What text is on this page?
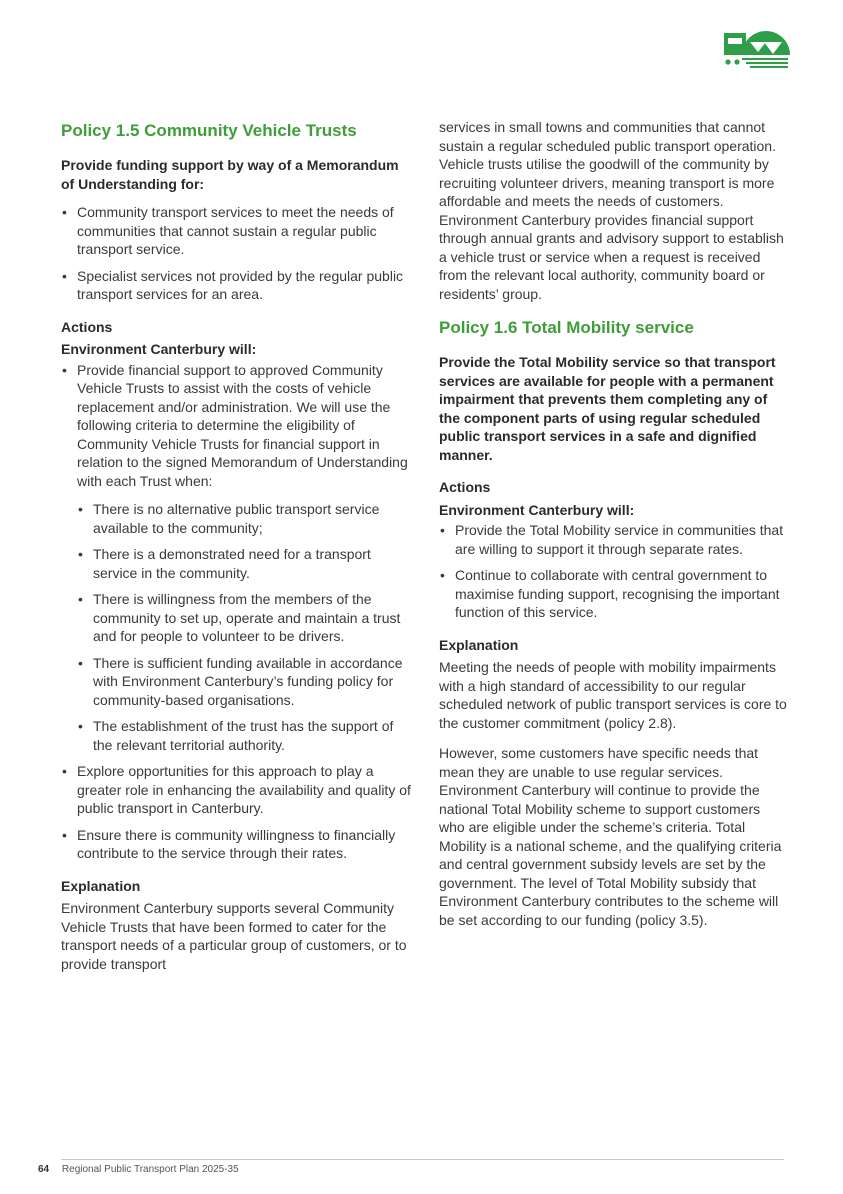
Policy 1.5 Community Vehicle Trusts

Provide funding support by way of a Memorandum of Understanding for:

• Community transport services to meet the needs of communities that cannot sustain a regular public transport service.
• Specialist services not provided by the regular public transport services for an area.
Actions
Environment Canterbury will:
• Provide financial support to approved Community Vehicle Trusts to assist with the costs of vehicle replacement and/or administration. We will use the following criteria to determine the eligibility of Community Vehicle Trusts for financial support in relation to the signed Memorandum of Understanding with each Trust when:
• There is no alternative public transport service available to the community;
• There is a demonstrated need for a transport service in the community.
• There is willingness from the members of the community to set up, operate and maintain a trust and for people to volunteer to be drivers.
• There is sufficient funding available in accordance with Environment Canterbury’s funding policy for community-based organisations.
• The establishment of the trust has the support of the relevant territorial authority.
• Explore opportunities for this approach to play a greater role in enhancing the availability and quality of public transport in Canterbury.
• Ensure there is community willingness to financially contribute to the service through their rates.
Explanation

Environment Canterbury supports several Community Vehicle Trusts that have been formed to cater for the transport needs of a particular group of customers, or to provide transport

services in small towns and communities that cannot sustain a regular scheduled public transport operation. Vehicle trusts utilise the goodwill of the community by recruiting volunteer drivers, meaning transport is more affordable and meets the needs of customers. Environment Canterbury provides financial support through annual grants and advisory support to establish a vehicle trust or service when a request is received from the relevant local authority, community board or residents’ group.

Policy 1.6 Total Mobility service

Provide the Total Mobility service so that transport services are available for people with a permanent impairment that prevents them completing any of the component parts of using regular scheduled public transport services in a safe and dignified manner.

Actions
Environment Canterbury will:
• Provide the Total Mobility service in communities that are willing to support it through separate rates.
• Continue to collaborate with central government to maximise funding support, recognising the important function of this service.
Explanation

Meeting the needs of people with mobility impairments with a high standard of accessibility to our regular scheduled network of public transport services is core to the customer commitment (policy 2.8).

However, some customers have specific needs that mean they are unable to use regular services. Environment Canterbury will continue to provide the national Total Mobility scheme to support customers who are eligible under the scheme’s criteria. Total Mobility is a national scheme, and the qualifying criteria and central government subsidy levels are set by the government. The level of Total Mobility subsidy that Environment Canterbury contributes to the scheme will be set according to our funding (policy 3.5).

64 Regional Public Transport Plan 2025-35
